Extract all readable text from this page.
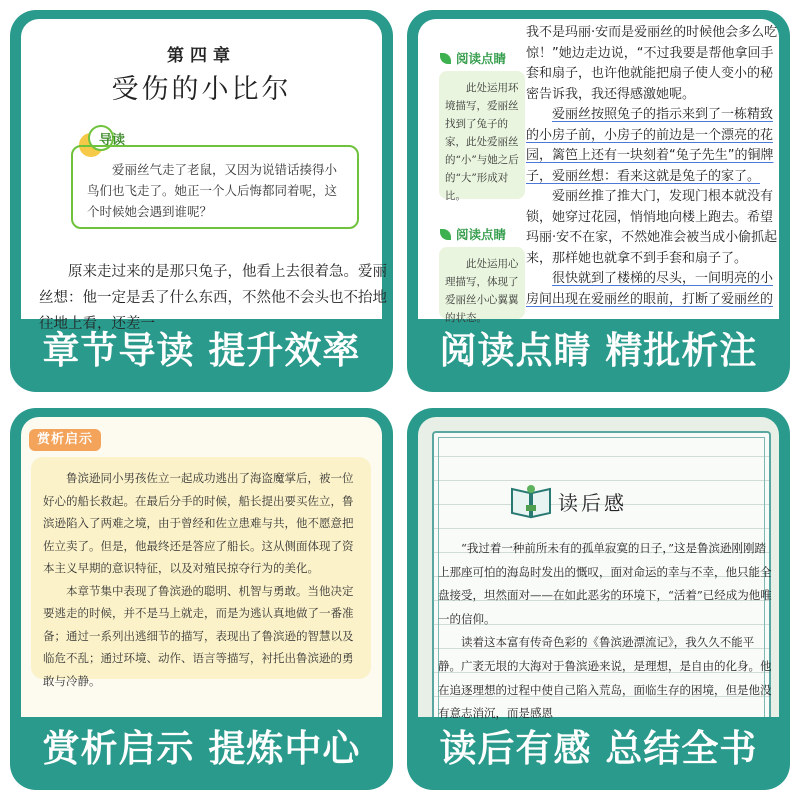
第四章
受伤的小比尔
导读
爱丽丝气走了老鼠，又因为说错话揍得小鸟们也飞走了。她正一个人后悔都同着呢，这个时候她会遇到谁呢？
原来走过来的是那只兔子，他看上去很着急。爱丽丝想：他一定是丢了什么东西，不然他不会头也不抬地往地上看，还差一
章节导读 提升效率
阅读点睛
此处运用环境描写，爱丽丝找到了兔子的家，此处爱丽丝的“小”与她之后的“大”形成对比。
阅读点睛
此处运用心理描写，体现了爱丽丝小心翼翼的状态。

我不是玛丽·安而是爱丽丝的时候他会多么吃惊！”她边走边说，“不过我要是帮他拿回手套和扇子，也许他就能把扇子使人变小的秘密告诉我，我还得感激她呢。

爱丽丝按照兔子的指示来到了一栋精致的小房子前，小房子的前边是一个漂亮的花园，篱笆上还有一块刻着“兔子先生”的铜牌子，爱丽丝想：看来这就是兔子的家了。

爱丽丝推了推大门，发现门根本就没有锁，她穿过花园，悄悄地向楼上跑去。希望玛丽·安不在家，不然她准会被当成小偷抓起来，那样她也就拿不到手套和扇子了。

很快就到了楼梯的尽头，一间明亮的小房间出现在爱丽丝的眼前，打断了爱丽丝的

阅读点睛 精批析注
赏析启示

鲁滨逊同小男孩佐立一起成功逃出了海盗魔掌后，被一位好心的船长救起。在最后分手的时候，船长提出要买佐立，鲁滨逊陷入了两难之境，由于曾经和佐立患难与共，他不愿意把佐立卖了。但是，他最终还是答应了船长。这从侧面体现了资本主义早期的意识特征，以及对殖民掠夺行为的美化。

本章节集中表现了鲁滨逊的聪明、机智与勇敢。当他决定要逃走的时候，并不是马上就走，而是为逃认真地做了一番准备；通过一系列出逃细节的描写，表现出了鲁滨逊的智慧以及临危不乱；通过环境、动作、语言等描写，衬托出鲁滨逊的勇敢与冷静。

赏析启示 提炼中心
读后感

“我过着一种前所未有的孤单寂寞的日子，”这是鲁滨逊刚刚踏上那座可怕的海岛时发出的慨叹，面对命运的幸与不幸，他只能全盘接受，坦然面对——在如此恶劣的环境下，“活着”已经成为他唯一的信仰。

读着这本富有传奇色彩的《鲁滨逊漂流记》，我久久不能平静。广袤无垠的大海对于鲁滨逊来说，是理想，是自由的化身。他在追逐理想的过程中使自己陷入荒岛，面临生存的困境，但是他没有意志消沉，而是感恩

读后有感 总结全书
